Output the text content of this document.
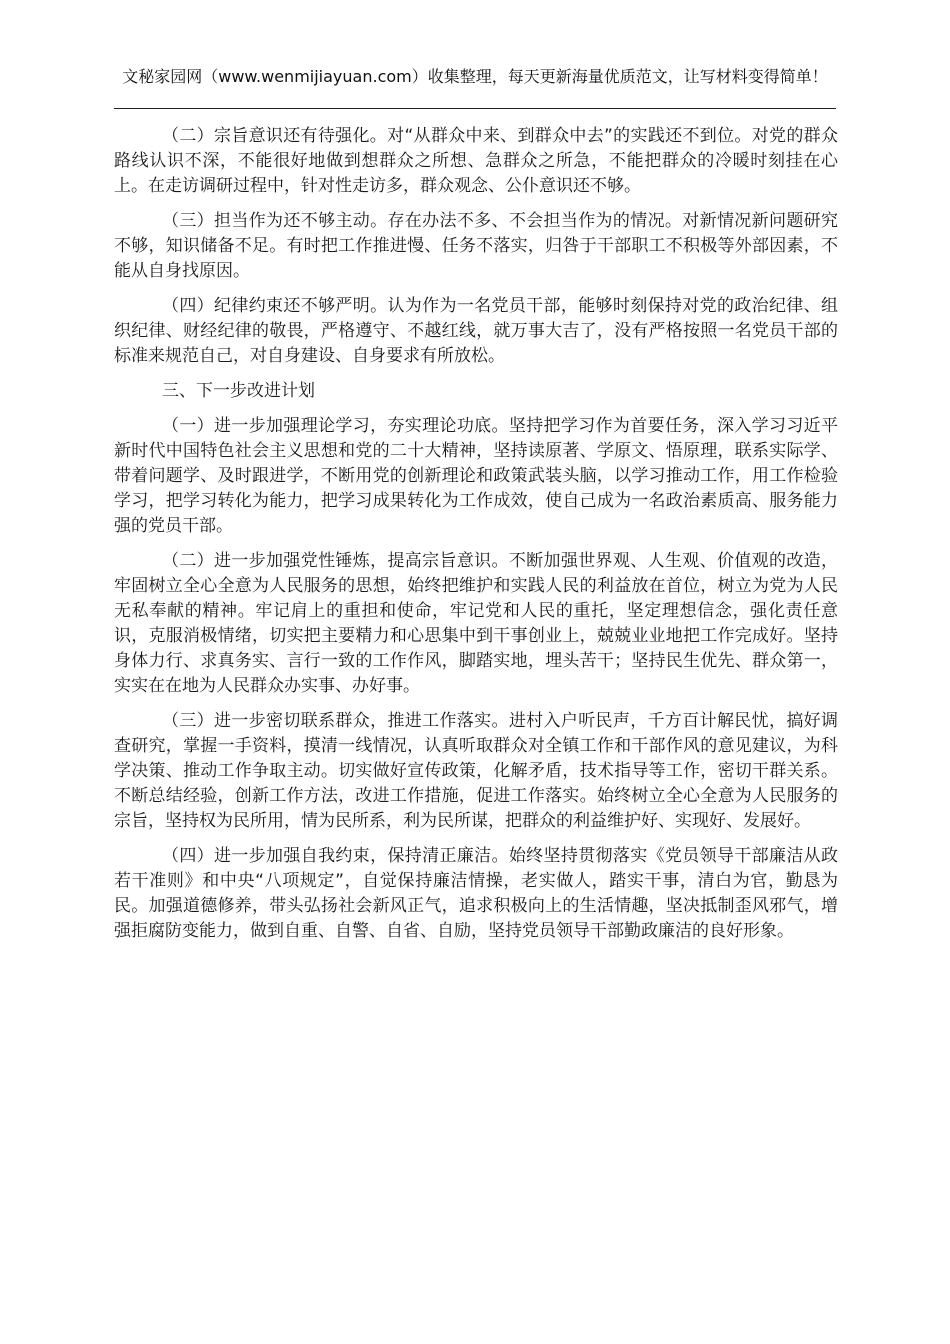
文秘家园网（www.wenmijiayuan.com）收集整理，每天更新海量优质范文，让写材料变得简单！

（二）宗旨意识还有待强化。对“从群众中来、到群众中去”的实践还不到位。对党的群众路线认识不深，不能很好地做到想群众之所想、急群众之所急，不能把群众的冷暖时刻挂在心上。在走访调研过程中，针对性走访多，群众观念、公仆意识还不够。

（三）担当作为还不够主动。存在办法不多、不会担当作为的情况。对新情况新问题研究不够，知识储备不足。有时把工作推进慢、任务不落实，归咎于干部职工不积极等外部因素，不能从自身找原因。

（四）纪律约束还不够严明。认为作为一名党员干部，能够时刻保持对党的政治纪律、组织纪律、财经纪律的敬畏，严格遵守、不越红线，就万事大吉了，没有严格按照一名党员干部的标准来规范自己，对自身建设、自身要求有所放松。

三、下一步改进计划

（一）进一步加强理论学习，夯实理论功底。坚持把学习作为首要任务，深入学习习近平新时代中国特色社会主义思想和党的二十大精神，坚持读原著、学原文、悟原理，联系实际学、带着问题学、及时跟进学，不断用党的创新理论和政策武装头脑，以学习推动工作，用工作检验学习，把学习转化为能力，把学习成果转化为工作成效，使自己成为一名政治素质高、服务能力强的党员干部。

（二）进一步加强党性锤炼，提高宗旨意识。不断加强世界观、人生观、价值观的改造，牢固树立全心全意为人民服务的思想，始终把维护和实践人民的利益放在首位，树立为党为人民无私奉献的精神。牢记肩上的重担和使命，牢记党和人民的重托，坚定理想信念，强化责任意识，克服消极情绪，切实把主要精力和心思集中到干事创业上，兢兢业业地把工作完成好。坚持身体力行、求真务实、言行一致的工作作风，脚踏实地，埋头苦干；坚持民生优先、群众第一，实实在在地为人民群众办实事、办好事。

（三）进一步密切联系群众，推进工作落实。进村入户听民声，千方百计解民忧，搞好调查研究，掌握一手资料，摸清一线情况，认真听取群众对全镇工作和干部作风的意见建议，为科学决策、推动工作争取主动。切实做好宣传政策，化解矛盾，技术指导等工作，密切干群关系。不断总结经验，创新工作方法，改进工作措施，促进工作落实。始终树立全心全意为人民服务的宗旨，坚持权为民所用，情为民所系，利为民所谋，把群众的利益维护好、实现好、发展好。

（四）进一步加强自我约束，保持清正廉洁。始终坚持贯彻落实《党员领导干部廉洁从政若干准则》和中央“八项规定”，自觉保持廉洁情操，老实做人，踏实干事，清白为官，勤恳为民。加强道德修养，带头弘扬社会新风正气，追求积极向上的生活情趣，坚决抵制歪风邪气，增强拒腐防变能力，做到自重、自警、自省、自励，坚持党员领导干部勤政廉洁的良好形象。
